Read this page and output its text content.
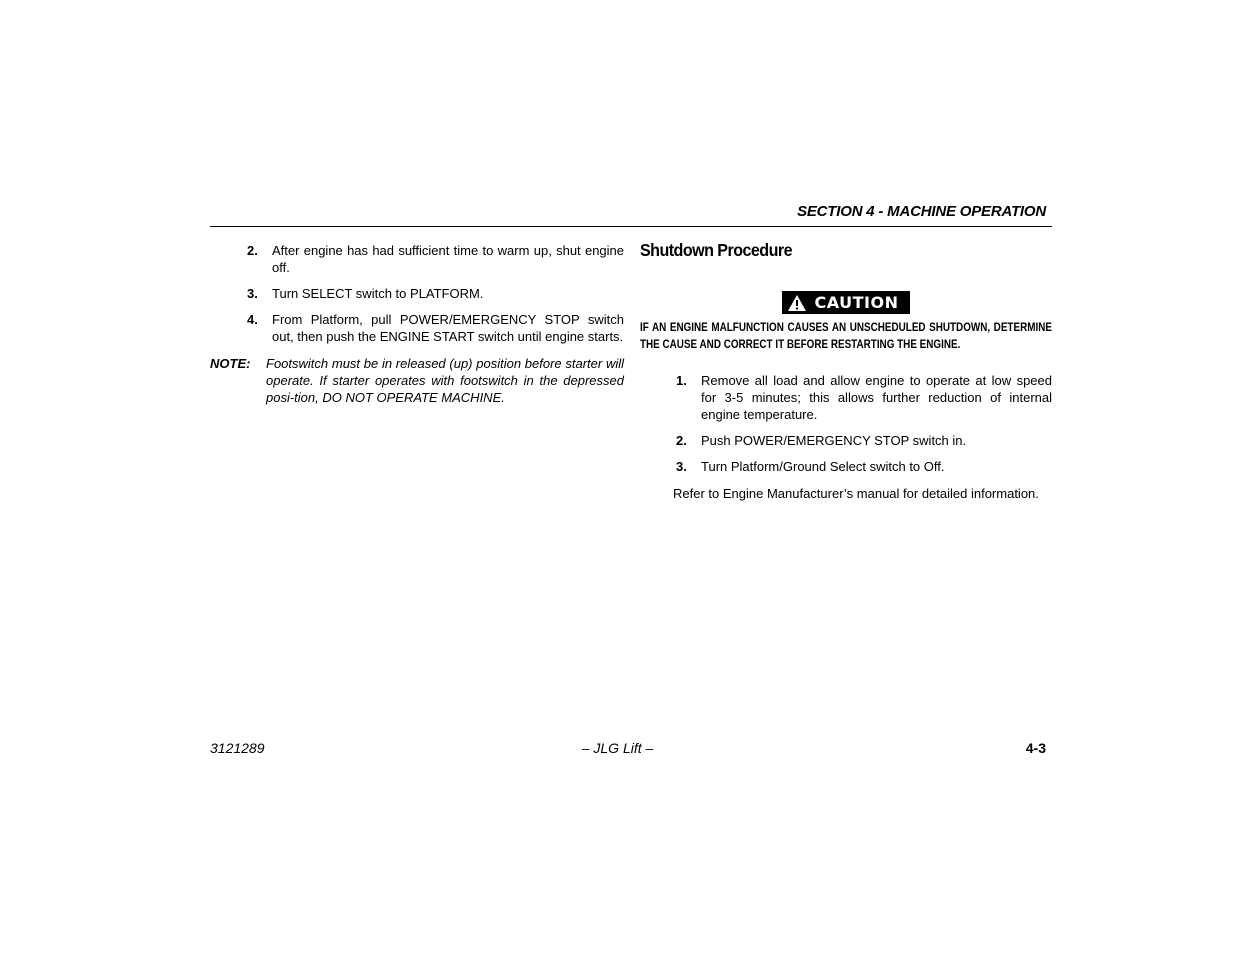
SECTION 4 - MACHINE OPERATION
2.	After engine has had sufficient time to warm up, shut engine off.
3.	Turn SELECT switch to PLATFORM.
4.	From Platform, pull POWER/EMERGENCY STOP switch out, then push the ENGINE START switch until engine starts.
NOTE:	Footswitch must be in released (up) position before starter will operate. If starter operates with footswitch in the depressed posi-tion, DO NOT OPERATE MACHINE.
Shutdown Procedure
CAUTION
IF AN ENGINE MALFUNCTION CAUSES AN UNSCHEDULED SHUTDOWN, DETERMINE THE CAUSE AND CORRECT IT BEFORE RESTARTING THE ENGINE.
1.	Remove all load and allow engine to operate at low speed for 3-5 minutes; this allows further reduction of internal engine temperature.
2.	Push POWER/EMERGENCY STOP switch in.
3.	Turn Platform/Ground Select switch to Off.
Refer to Engine Manufacturer’s manual for detailed information.
3121289	– JLG Lift –	4-3
